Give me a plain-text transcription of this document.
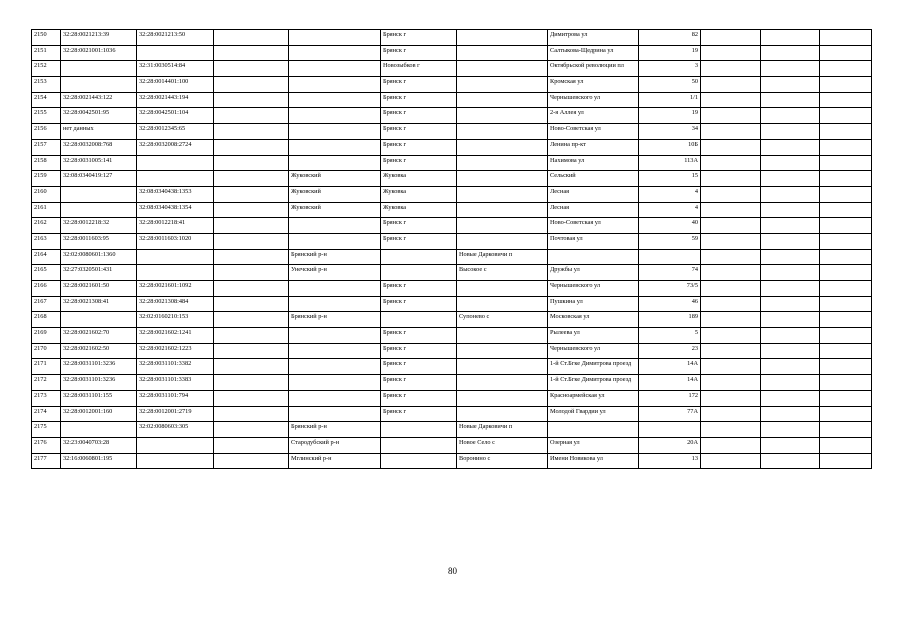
2150	32:28:0021213:39	32:28:0021213:50			Брянск г		Димитрова ул	82			
2151	32:28:0021001:1036				Брянск г		Салтыкова-Щедрина ул	19			
2152		32:31:0030514:84			Новозыбков г		Октябрьской революции пл	3			
2153		32:28:0014401:100			Брянск г		Кромская ул	50			
2154	32:28:0021443:122	32:28:0021443:194			Брянск г		Чернышевского ул	1/1			
2155	32:28:0042501:95	32:28:0042501:104			Брянск г		2-я Аллея ул	19			
2156	нет данных	32:28:0012345:65			Брянск г		Ново-Советская ул	34			
2157	32:28:0032008:768	32:28:0032008:2724			Брянск г		Ленина пр-кт	10Б			
2158	32:28:0031005:141				Брянск г		Нахимова ул	113А			
2159	32:08:0340419:127			Жуковский	Жуковка		Сельский	15			
2160		32:08:0340438:1353		Жуковский	Жуковка		Лесная	4			
2161		32:08:0340438:1354		Жуковский	Жуковка		Лесная	4			
2162	32:28:0012218:32	32:28:0012218:41			Брянск г		Ново-Советская ул	40			
2163	32:28:0011603:95	32:28:0011603:1020			Брянск г		Почтовая ул	59			
2164	32:02:0080601:1360			Брянский р-н		Новые Дарковичи п					
2165	32:27:0320501:431			Унечский р-н		Высокое с	Дружбы ул	74			
2166	32:28:0021601:50	32:28:0021601:1092			Брянск г		Чернышевского ул	73/5			
2167	32:28:0021308:41	32:28:0021308:484			Брянск г		Пушкина ул	46			
2168		32:02:0160210:153		Брянский р-н		Супонево с	Московская ул	189			
2169	32:28:0021602:70	32:28:0021602:1241			Брянск г		Рылеева ул	5			
2170	32:28:0021602:50	32:28:0021602:1223			Брянск г		Чернышевского ул	23			
2171	32:28:0031101:3236	32:28:0031101:3382			Брянск г		1-й Ст.Бгке Димитрова проезд	14А			
2172	32:28:0031101:3236	32:28:0031101:3383			Брянск г		1-й Ст.Бгке Димитрова проезд	14А			
2173	32:28:0031101:155	32:28:0031101:794			Брянск г		Красноармейская ул	172			
2174	32:28:0012001:160	32:28:0012001:2719			Брянск г		Молодой Гвардии ул	77А			
2175		32:02:0080603:305		Брянский р-н		Новые Дарковичи п					
2176	32:23:0040703:28			Стародубский р-н		Новое Село с	Озерная ул	20А			
2177	32:16:0060801:195			Мглинский р-н		Воронино с	Имени Новикова ул	13			
80
